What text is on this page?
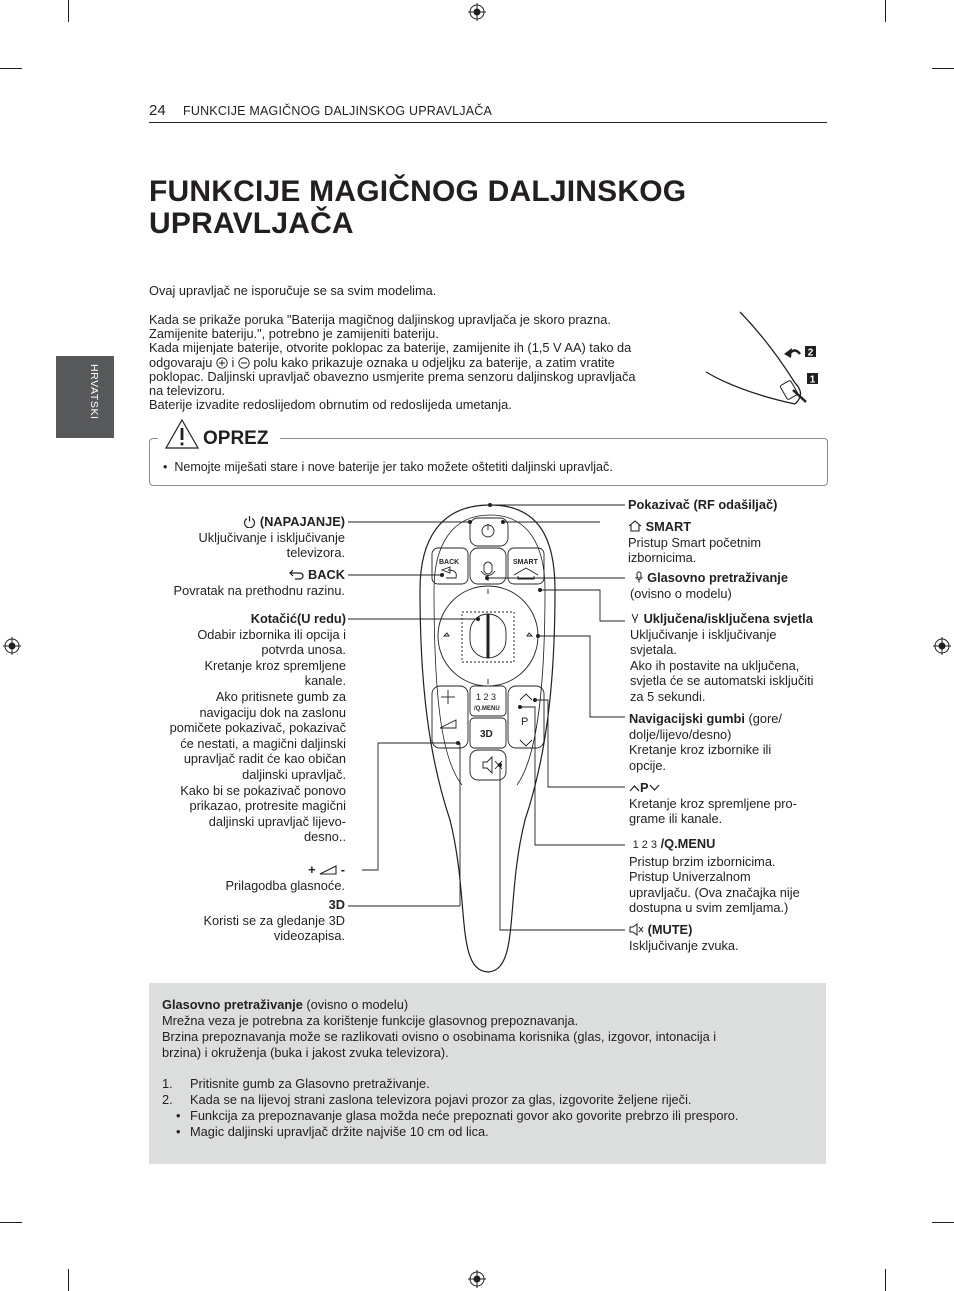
24 FUNKCIJE MAGIČNOG DALJINSKOG UPRAVLJAČA
HRVATSKI
FUNKCIJE MAGIČNOG DALJINSKOG
UPRAVLJAČA
Ovaj upravljač ne isporučuje se sa svim modelima.
Kada se prikaže poruka "Baterija magičnog daljinskog upravljača je skoro prazna.
Zamijenite bateriju.", potrebno je zamijeniti bateriju.
Kada mijenjate baterije, otvorite poklopac za baterije, zamijenite ih (1,5 V AA) tako da
odgovaraju i polu kako prikazuje oznaka u odjeljku za baterije, a zatim vratite
poklopac. Daljinski upravljač obavezno usmjerite prema senzoru daljinskog upravljača
na televizoru.
Baterije izvadite redoslijedom obrnutim od redoslijeda umetanja.
2
1
OPREZ
• Nemojte miješati stare i nove baterije jer tako možete oštetiti daljinski upravljač.
BACK	SMART
1 2 3
/Q.MENU
P
3D
(NAPAJANJE)
Uključivanje i isključivanje
televizora.
BACK
Povratak na prethodnu razinu.
Kotačić(U redu)
Odabir izbornika ili opcija i
potvrda unosa.
Kretanje kroz spremljene
kanale.
Ako pritisnete gumb za
navigaciju dok na zaslonu
pomičete pokazivač, pokazivač
će nestati, a magični daljinski
upravljač radit će kao običan
daljinski upravljač.
Kako bi se pokazivač ponovo
prikazao, protresite magični
daljinski upravljač lijevo-
desno..
+ -
Prilagodba glasnoće.
3D
Koristi se za gledanje 3D
videozapisa.
Pokazivač (RF odašiljač)
SMART
Pristup Smart početnim
izbornicima.
Glasovno pretraživanje
(ovisno o modelu)
Uključena/isključena svjetla
Uključivanje i isključivanje
svjetala.
Ako ih postavite na uključena,
svjetla će se automatski isključiti
za 5 sekundi.
Navigacijski gumbi (gore/
dolje/lijevo/desno)
Kretanje kroz izbornike ili
opcije.
P
Kretanje kroz spremljene pro-
grame ili kanale.
1 2 3 /Q.MENU
Pristup brzim izbornicima.
Pristup Univerzalnom
upravljaču. (Ova značajka nije
dostupna u svim zemljama.)
(MUTE)
Isključivanje zvuka.
Glasovno pretraživanje (ovisno o modelu)
Mrežna veza je potrebna za korištenje funkcije glasovnog prepoznavanja.
Brzina prepoznavanja može se razlikovati ovisno o osobinama korisnika (glas, izgovor, intonacija i
brzina) i okruženja (buka i jakost zvuka televizora).
1. Pritisnite gumb za Glasovno pretraživanje.
2. Kada se na lijevoj strani zaslona televizora pojavi prozor za glas, izgovorite željene riječi.
• Funkcija za prepoznavanje glasa možda neće prepoznati govor ako govorite prebrzo ili presporo.
• Magic daljinski upravljač držite najviše 10 cm od lica.
